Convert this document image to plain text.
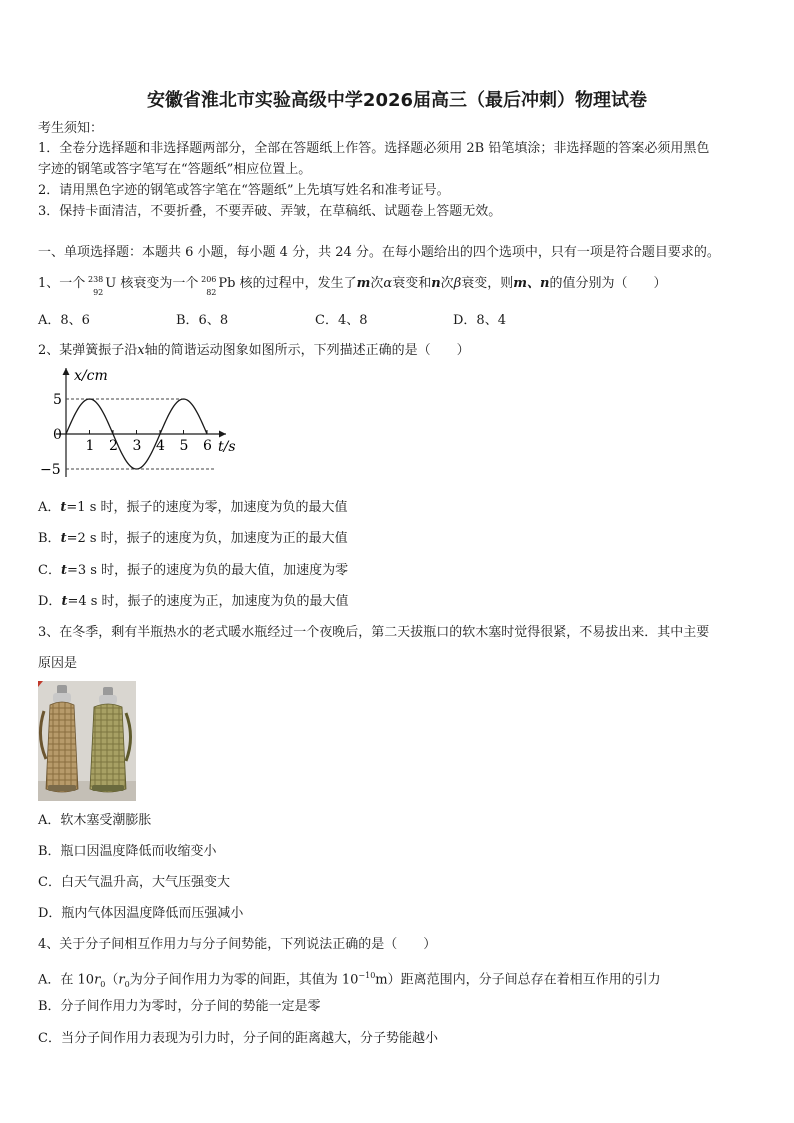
安徽省淮北市实验高级中学2026届高三（最后冲刺）物理试卷
考生须知：
1．全卷分选择题和非选择题两部分，全部在答题纸上作答。选择题必须用 2B 铅笔填涂；非选择题的答案必须用黑色
字迹的钢笔或答字笔写在“答题纸”相应位置上。
2．请用黑色字迹的钢笔或答字笔在“答题纸”上先填写姓名和准考证号。
3．保持卡面清洁，不要折叠，不要弄破、弄皱，在草稿纸、试题卷上答题无效。
一、单项选择题：本题共 6 小题，每小题 4 分，共 24 分。在每小题给出的四个选项中，只有一项是符合题目要求的。
1、一个 238
92
U 核衰变为一个 206
82
Pb 核的过程中，发生了m次α衰变和n次β衰变，则m、n的值分别为（　　）
A．8、6	B．6、8	C．4、8	D．8、4
2、某弹簧振子沿x轴的简谐运动图象如图所示，下列描述正确的是（　　）
x/cm
t/s
5
0
−5
1 2 3 4 5 6
A．t=1 s 时，振子的速度为零，加速度为负的最大值
B．t=2 s 时，振子的速度为负，加速度为正的最大值
C．t=3 s 时，振子的速度为负的最大值，加速度为零
D．t=4 s 时，振子的速度为正，加速度为负的最大值
3、在冬季，剩有半瓶热水的老式暖水瓶经过一个夜晚后，第二天拔瓶口的软木塞时觉得很紧，不易拔出来．其中主要
原因是
A．软木塞受潮膨胀
B．瓶口因温度降低而收缩变小
C．白天气温升高，大气压强变大
D．瓶内气体因温度降低而压强减小
4、关于分子间相互作用力与分子间势能，下列说法正确的是（　　）
A．在 $10r_0(r_0$为分子间作用力为零的间距，其值为 $10^{-10}m$）距离范围内，分子间总存在着相互作用的引力
B．分子间作用力为零时，分子间的势能一定是零
C．当分子间作用力表现为引力时，分子间的距离越大，分子势能越小
